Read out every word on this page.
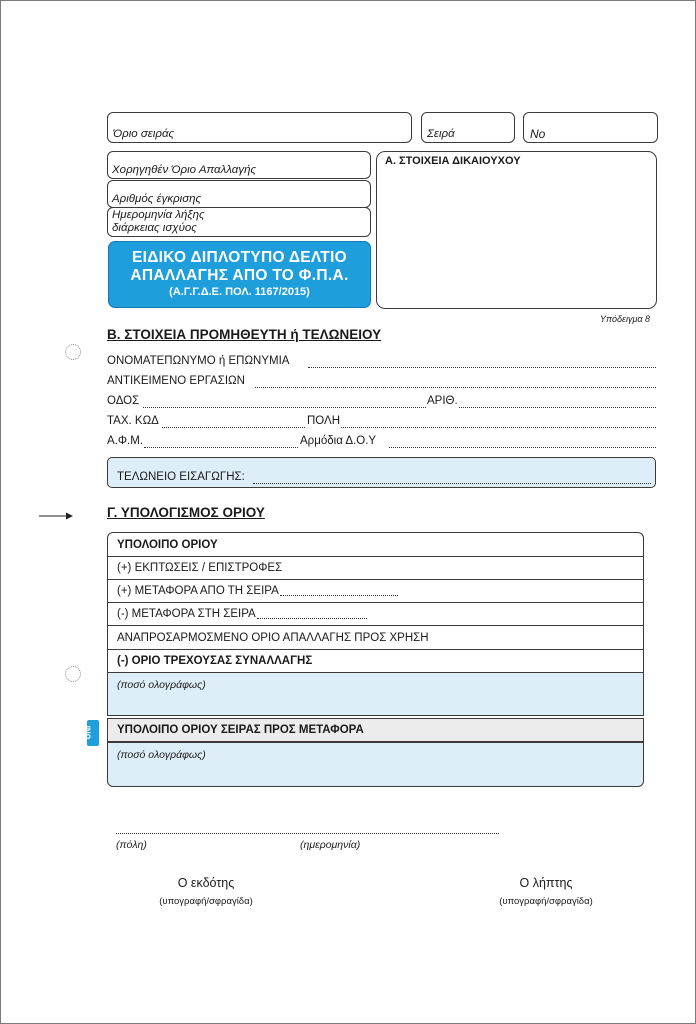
Όριο σειράς	Σειρά	Νο
Χορηγηθέν Όριο Απαλλαγής
Αριθμός έγκρισης
Ημερομηνία λήξης
διάρκειας ισχύος
ΕΙΔΙΚΟ ΔΙΠΛΟΤΥΠΟ ΔΕΛΤΙΟ
ΑΠΑΛΛΑΓΗΣ ΑΠΟ ΤΟ Φ.Π.Α.
(Α.Γ.Γ.Δ.Ε. ΠΟΛ. 1167/2015)
Α. ΣΤΟΙΧΕΙΑ ΔΙΚΑΙΟΥΧΟΥ
Υπόδειγμα 8
Β. ΣΤΟΙΧΕΙΑ ΠΡΟΜΗΘΕΥΤΗ ή ΤΕΛΩΝΕΙΟΥ
ΟΝΟΜΑΤΕΠΩΝΥΜΟ ή ΕΠΩΝΥΜΙΑ
ΑΝΤΙΚΕΙΜΕΝΟ ΕΡΓΑΣΙΩΝ
ΟΔΟΣ	ΑΡΙΘ.
ΤΑΧ. ΚΩΔ	ΠΟΛΗ
Α.Φ.Μ.	Αρμόδια Δ.Ο.Υ
ΤΕΛΩΝΕΙΟ ΕΙΣΑΓΩΓΗΣ:
Γ. ΥΠΟΛΟΓΙΣΜΟΣ ΟΡΙΟΥ
ΥΠΟΛΟΙΠΟ ΟΡΙΟΥ
(+) ΕΚΠΤΩΣΕΙΣ / ΕΠΙΣΤΡΟΦΕΣ
(+) ΜΕΤΑΦΟΡΑ ΑΠΟ ΤΗ ΣΕΙΡΑ
(-) ΜΕΤΑΦΟΡΑ ΣΤΗ ΣΕΙΡΑ
ΑΝΑΠΡΟΣΑΡΜΟΣΜΕΝΟ ΟΡΙΟ ΑΠΑΛΛΑΓΗΣ ΠΡΟΣ ΧΡΗΣΗ
(-) ΟΡΙΟ ΤΡΕΧΟΥΣΑΣ ΣΥΝΑΛΛΑΓΗΣ
(ποσό ολογράφως)
ΥΠΟΛΟΙΠΟ ΟΡΙΟΥ ΣΕΙΡΑΣ ΠΡΟΣ ΜΕΤΑΦΟΡΑ
(ποσό ολογράφως)
(πόλη)	(ημερομηνία)
Ο εκδότης
(υπογραφή/σφραγίδα)
Ο λήπτης
(υπογραφή/σφραγίδα)
UNI
